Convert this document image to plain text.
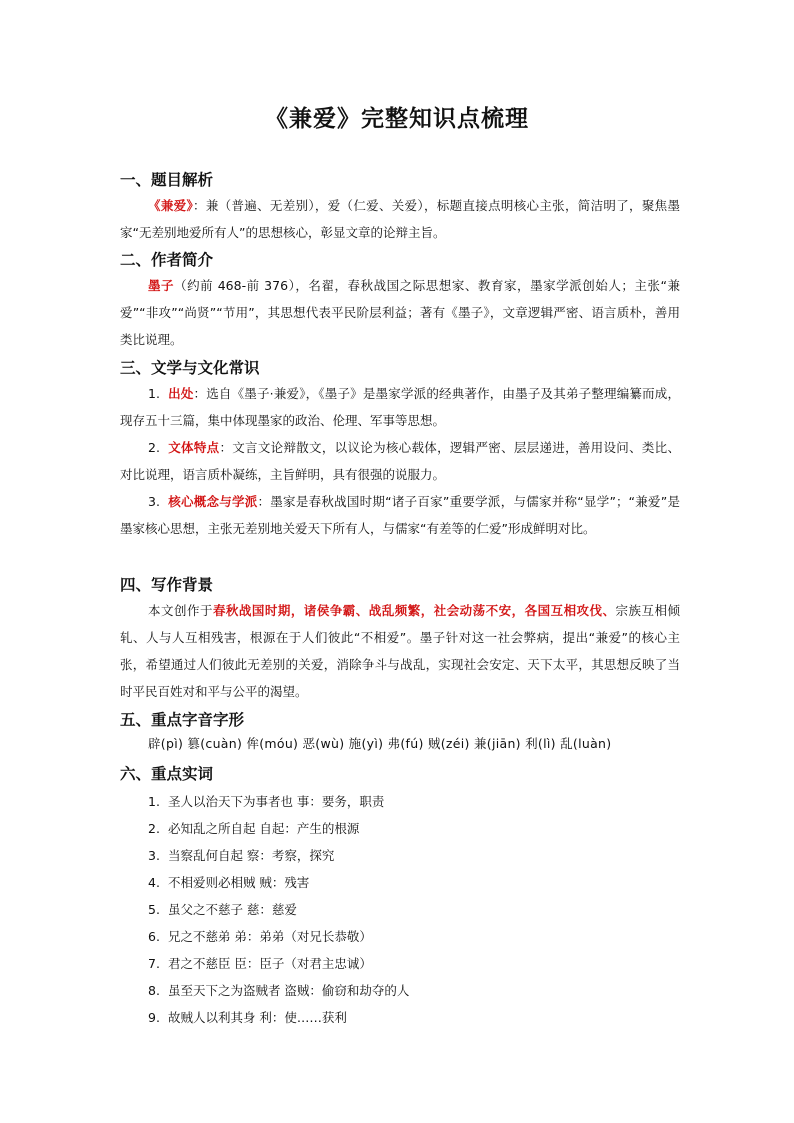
《兼爱》完整知识点梳理
一、题目解析
《兼爱》：兼（普遍、无差别），爱（仁爱、关爱），标题直接点明核心主张，简洁明了，聚焦墨家“无差别地爱所有人”的思想核心，彰显文章的论辩主旨。
二、作者简介
墨子（约前 468-前 376），名翟，春秋战国之际思想家、教育家，墨家学派创始人；主张“兼爱”“非攻”“尚贤”“节用”，其思想代表平民阶层利益；著有《墨子》，文章逻辑严密、语言质朴，善用类比说理。
三、文学与文化常识
1. 出处：选自《墨子·兼爱》，《墨子》是墨家学派的经典著作，由墨子及其弟子整理编纂而成，现存五十三篇，集中体现墨家的政治、伦理、军事等思想。
2. 文体特点：文言文论辩散文，以议论为核心载体，逻辑严密、层层递进，善用设问、类比、对比说理，语言质朴凝练，主旨鲜明，具有很强的说服力。
3. 核心概念与学派：墨家是春秋战国时期“诸子百家”重要学派，与儒家并称“显学”；“兼爱”是墨家核心思想，主张无差别地关爱天下所有人，与儒家“有差等的仁爱”形成鲜明对比。
四、写作背景
本文创作于春秋战国时期，诸侯争霸、战乱频繁，社会动荡不安，各国互相攻伐、宗族互相倾轧、人与人互相残害，根源在于人们彼此“不相爱”。墨子针对这一社会弊病，提出“兼爱”的核心主张，希望通过人们彼此无差别的关爱，消除争斗与战乱，实现社会安定、天下太平，其思想反映了当时平民百姓对和平与公平的渴望。
五、重点字音字形
辟(pì) 篡(cuàn) 侔(móu) 恶(wù) 施(yì) 弗(fú) 贼(zéi) 兼(jiān) 利(lì) 乱(luàn)
六、重点实词
1. 圣人以治天下为事者也 事：要务，职责
2. 必知乱之所自起 自起：产生的根源
3. 当察乱何自起 察：考察，探究
4. 不相爱则必相贼 贼：残害
5. 虽父之不慈子 慈：慈爱
6. 兄之不慈弟 弟：弟弟（对兄长恭敬）
7. 君之不慈臣 臣：臣子（对君主忠诚）
8. 虽至天下之为盗贼者 盗贼：偷窃和劫夺的人
9. 故贼人以利其身 利：使……获利
